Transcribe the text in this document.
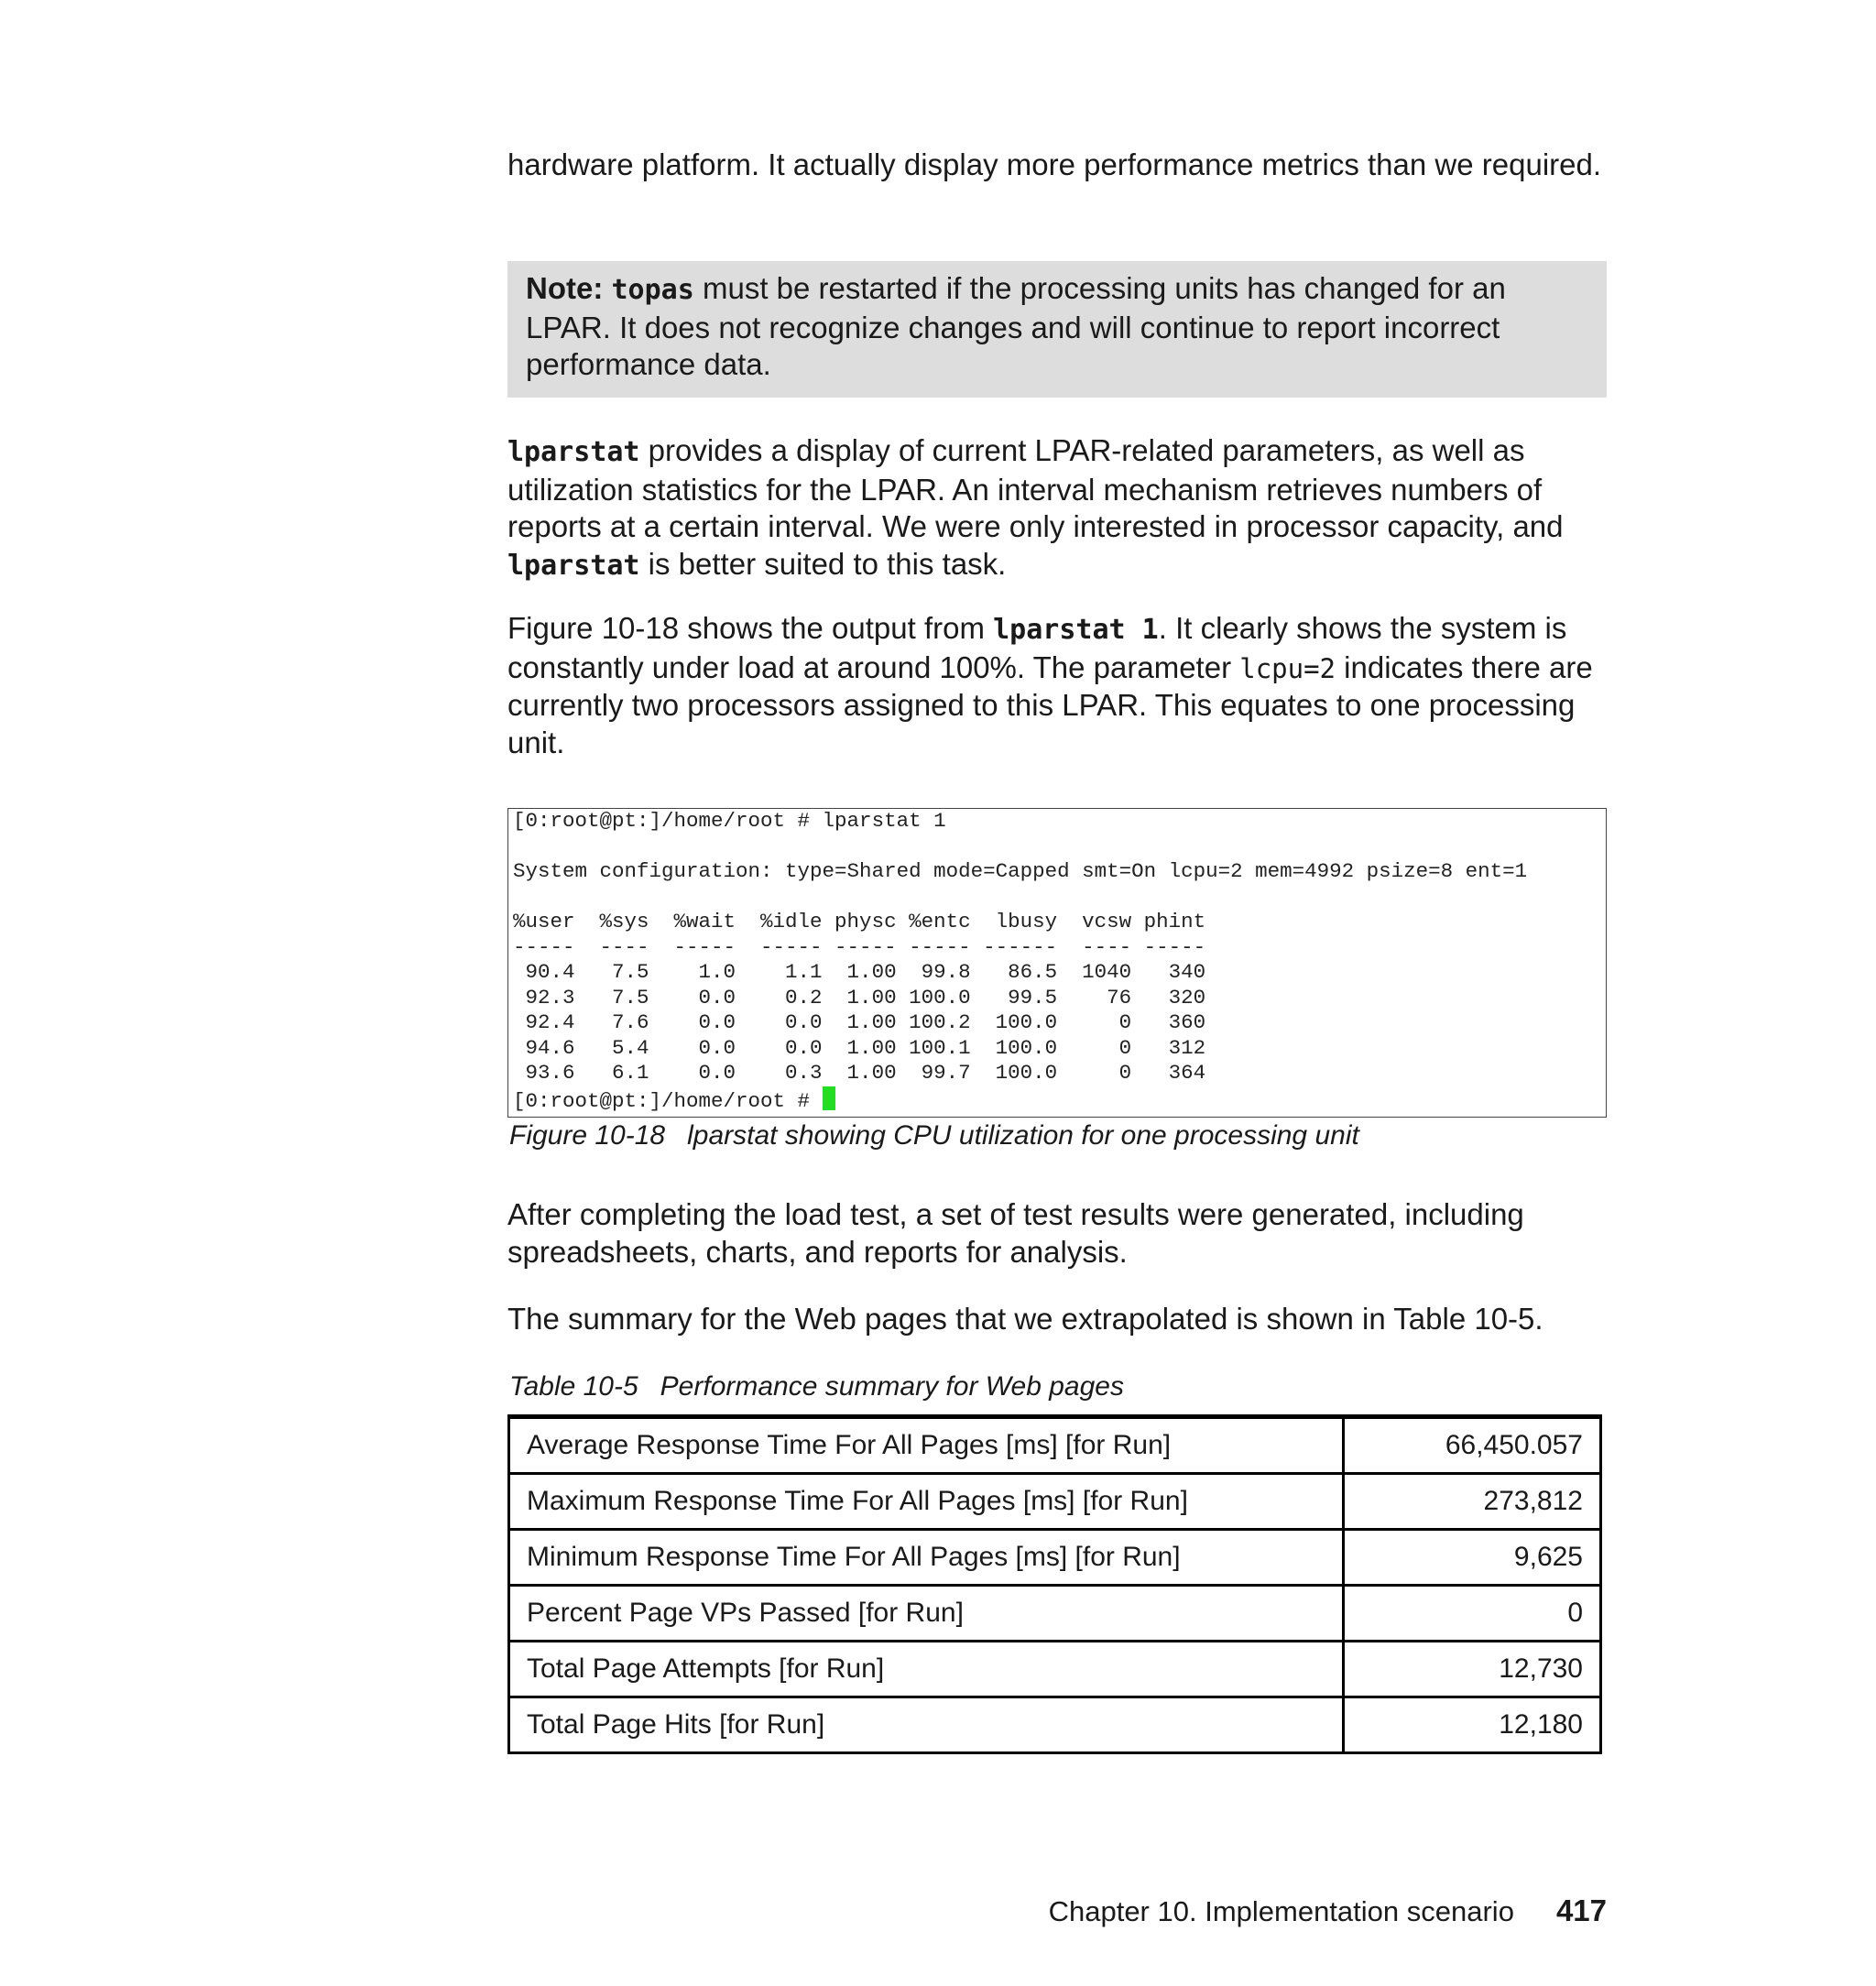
hardware platform. It actually display more performance metrics than we required.

Note: topas must be restarted if the processing units has changed for an LPAR. It does not recognize changes and will continue to report incorrect performance data.

lparstat provides a display of current LPAR-related parameters, as well as utilization statistics for the LPAR. An interval mechanism retrieves numbers of reports at a certain interval. We were only interested in processor capacity, and lparstat is better suited to this task.

Figure 10-18 shows the output from lparstat 1. It clearly shows the system is constantly under load at around 100%. The parameter lcpu=2 indicates there are currently two processors assigned to this LPAR. This equates to one processing unit.

[0:root@pt:]/home/root # lparstat 1
System configuration: type=Shared mode=Capped smt=On lcpu=2 mem=4992 psize=8 ent=1
%user  %sys  %wait  %idle physc %entc  lbusy  vcsw phint
-----  ----  -----  ----- ----- ----- ------  ---- -----
90.4   7.5    1.0    1.1  1.00  99.8   86.5  1040   340
92.3   7.5    0.0    0.2  1.00 100.0   99.5    76   320
92.4   7.6    0.0    0.0  1.00 100.2  100.0     0   360
94.6   5.4    0.0    0.0  1.00 100.1  100.0     0   312
93.6   6.1    0.0    0.3  1.00  99.7  100.0     0   364
[0:root@pt:]/home/root #

Figure 10-18 lparstat showing CPU utilization for one processing unit

After completing the load test, a set of test results were generated, including spreadsheets, charts, and reports for analysis.

The summary for the Web pages that we extrapolated is shown in Table 10-5.

Table 10-5 Performance summary for Web pages

Average Response Time For All Pages [ms] [for Run]	66,450.057
Maximum Response Time For All Pages [ms] [for Run]	273,812
Minimum Response Time For All Pages [ms] [for Run]	9,625
Percent Page VPs Passed [for Run]	0
Total Page Attempts [for Run]	12,730
Total Page Hits [for Run]	12,180
Chapter 10. Implementation scenario 417
